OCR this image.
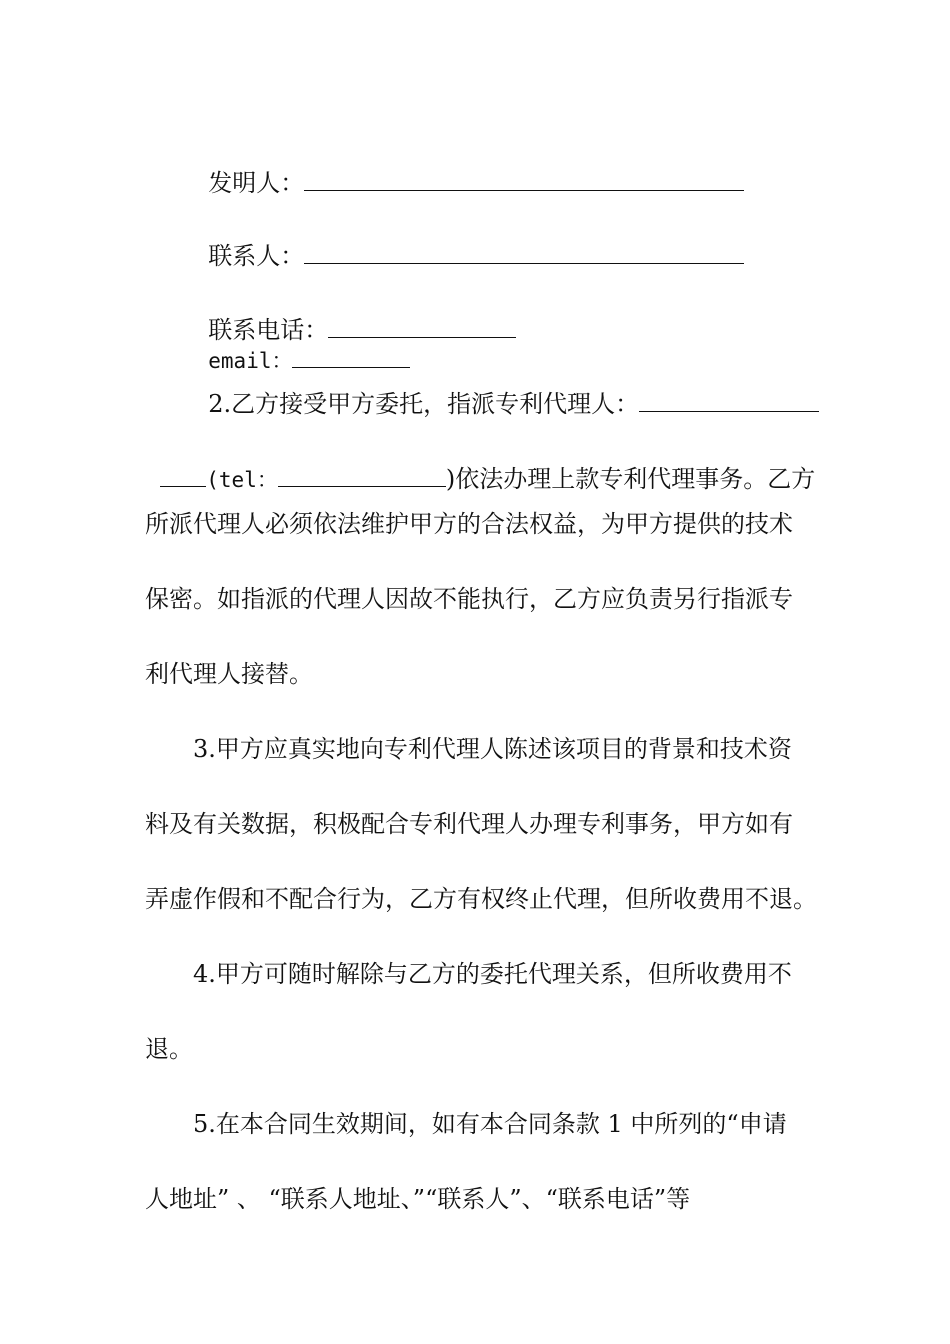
发明人：

联系人：

联系电话：
email：

2.乙方接受甲方委托，指派专利代理人：

(tel：	)依法办理上款专利代理事务。乙方

所派代理人必须依法维护甲方的合法权益，为甲方提供的技术
保密。如指派的代理人因故不能执行，乙方应负责另行指派专
利代理人接替。
3.甲方应真实地向专利代理人陈述该项目的背景和技术资
料及有关数据，积极配合专利代理人办理专利事务，甲方如有
弄虚作假和不配合行为，乙方有权终止代理，但所收费用不退。
4.甲方可随时解除与乙方的委托代理关系，但所收费用不
退。
5.在本合同生效期间，如有本合同条款 1 中所列的“申请
人地址” 、 “联系人地址、”“联系人”、“联系电话”等
